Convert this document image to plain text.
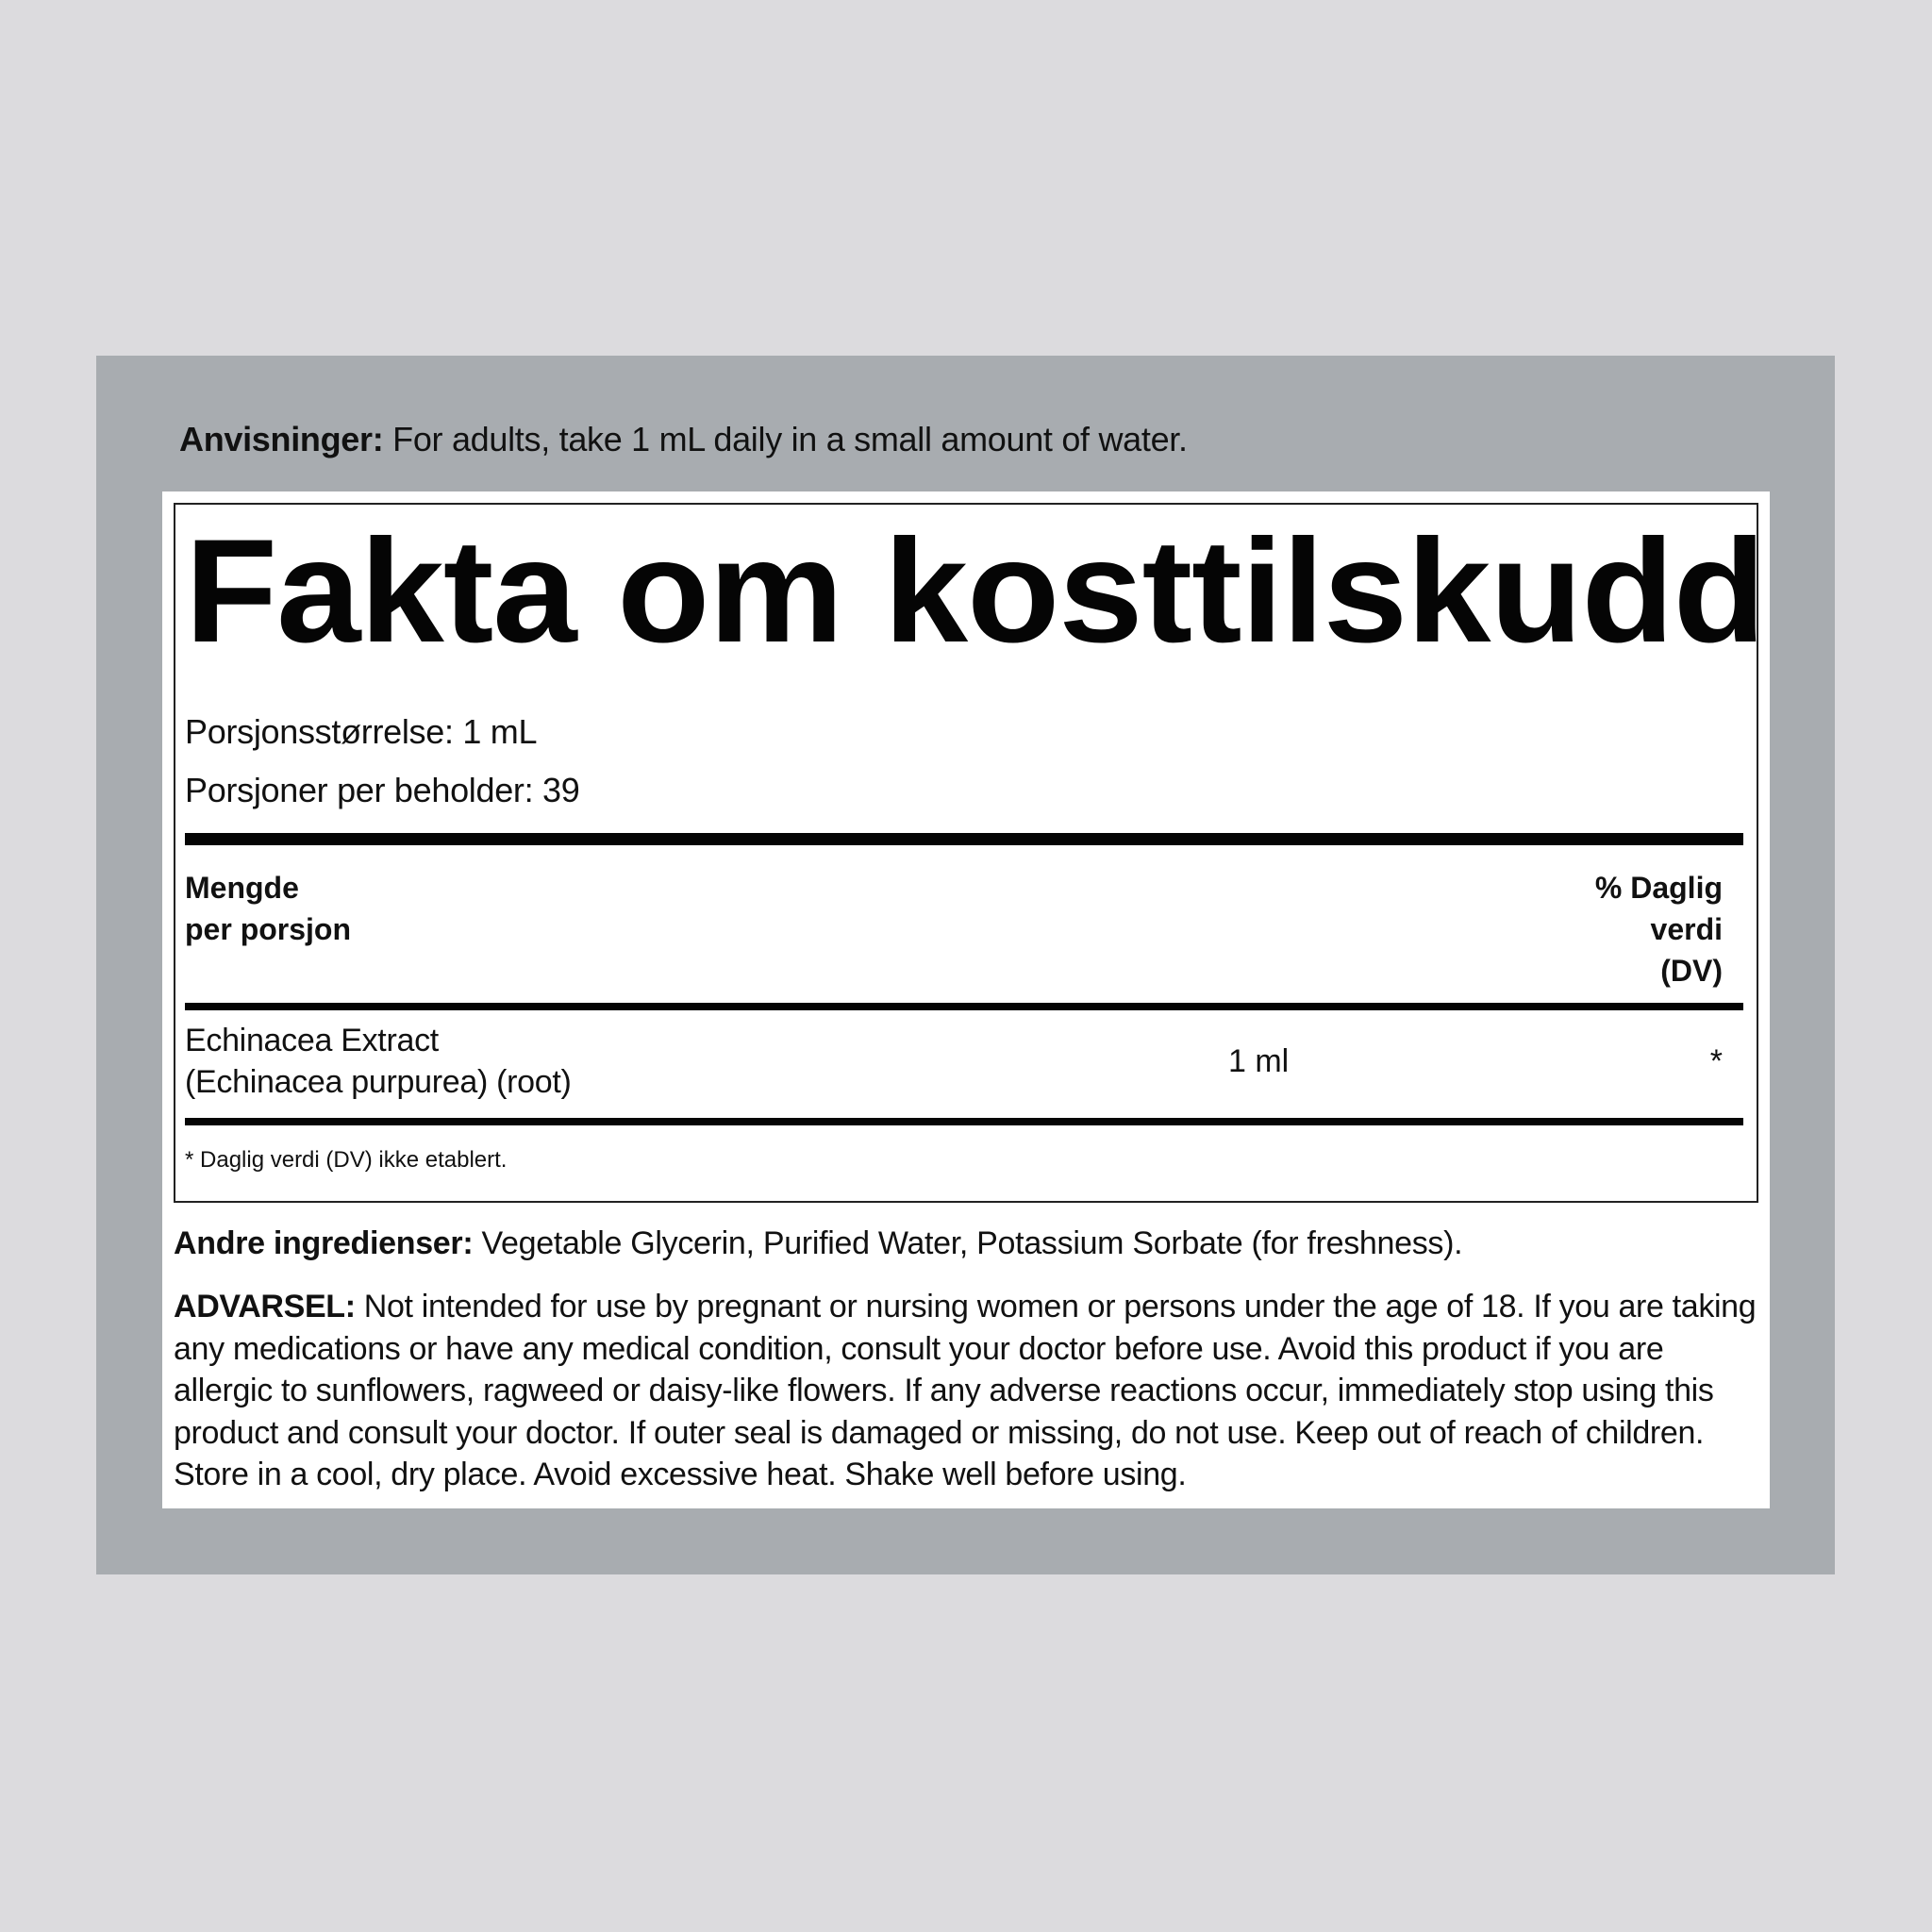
Anvisninger: For adults, take 1 mL daily in a small amount of water.
Fakta om kosttilskudd
Porsjonsstørrelse: 1 mL
Porsjoner per beholder: 39
Mengde
per porsjon
% Daglig
verdi
(DV)
Echinacea Extract
(Echinacea purpurea) (root)
1 ml	*
* Daglig verdi (DV) ikke etablert.
Andre ingredienser: Vegetable Glycerin, Purified Water, Potassium Sorbate (for freshness).
ADVARSEL: Not intended for use by pregnant or nursing women or persons under the age of 18. If you are taking any medications or have any medical condition, consult your doctor before use. Avoid this product if you are allergic to sunflowers, ragweed or daisy-like flowers. If any adverse reactions occur, immediately stop using this product and consult your doctor. If outer seal is damaged or missing, do not use. Keep out of reach of children. Store in a cool, dry place. Avoid excessive heat. Shake well before using.
